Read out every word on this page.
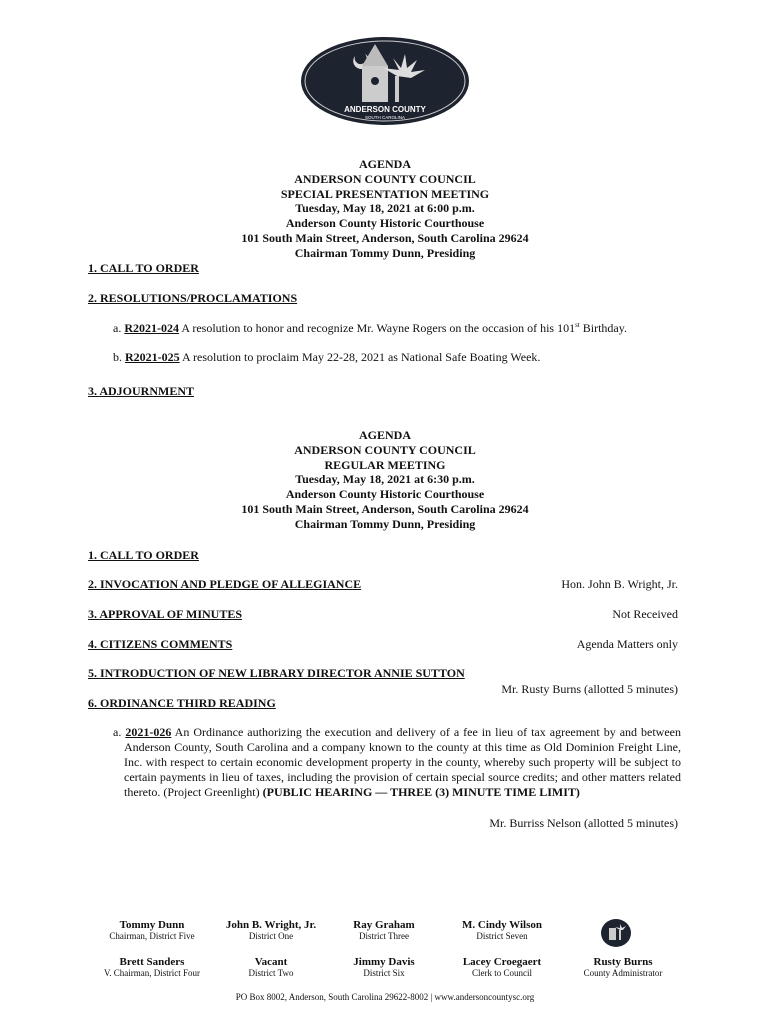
ANDERSON COUNTY
SOUTH CAROLINA
AGENDA
ANDERSON COUNTY COUNCIL
SPECIAL PRESENTATION MEETING
Tuesday, May 18, 2021 at 6:00 p.m.
Anderson County Historic Courthouse
101 South Main Street, Anderson, South Carolina 29624
Chairman Tommy Dunn, Presiding
1. CALL TO ORDER
2. RESOLUTIONS/PROCLAMATIONS
a. R2021-024 A resolution to honor and recognize Mr. Wayne Rogers on the occasion of his 101st Birthday.
b. R2021-025 A resolution to proclaim May 22-28, 2021 as National Safe Boating Week.
3. ADJOURNMENT
AGENDA
ANDERSON COUNTY COUNCIL
REGULAR MEETING
Tuesday, May 18, 2021 at 6:30 p.m.
Anderson County Historic Courthouse
101 South Main Street, Anderson, South Carolina 29624
Chairman Tommy Dunn, Presiding
1. CALL TO ORDER
2. INVOCATION AND PLEDGE OF ALLEGIANCE	Hon. John B. Wright, Jr.
3. APPROVAL OF MINUTES	Not Received
4. CITIZENS COMMENTS	Agenda Matters only
5. INTRODUCTION OF NEW LIBRARY DIRECTOR ANNIE SUTTON
Mr. Rusty Burns (allotted 5 minutes)
6. ORDINANCE THIRD READING
a. 2021-026 An Ordinance authorizing the execution and delivery of a fee in lieu of tax agreement by and between Anderson County, South Carolina and a company known to the county at this time as Old Dominion Freight Line, Inc. with respect to certain economic development property in the county, whereby such property will be subject to certain payments in lieu of taxes, including the provision of certain special source credits; and other matters related thereto. (Project Greenlight) (PUBLIC HEARING — THREE (3) MINUTE TIME LIMIT)
Mr. Burriss Nelson (allotted 5 minutes)
Tommy Dunn
Chairman, District Five
John B. Wright, Jr.
District One
Ray Graham
District Three
M. Cindy Wilson
District Seven
Brett Sanders
V. Chairman, District Four
Vacant
District Two
Jimmy Davis
District Six
Lacey Croegaert
Clerk to Council
Rusty Burns
County Administrator
PO Box 8002, Anderson, South Carolina 29622-8002 | www.andersoncountysc.org
